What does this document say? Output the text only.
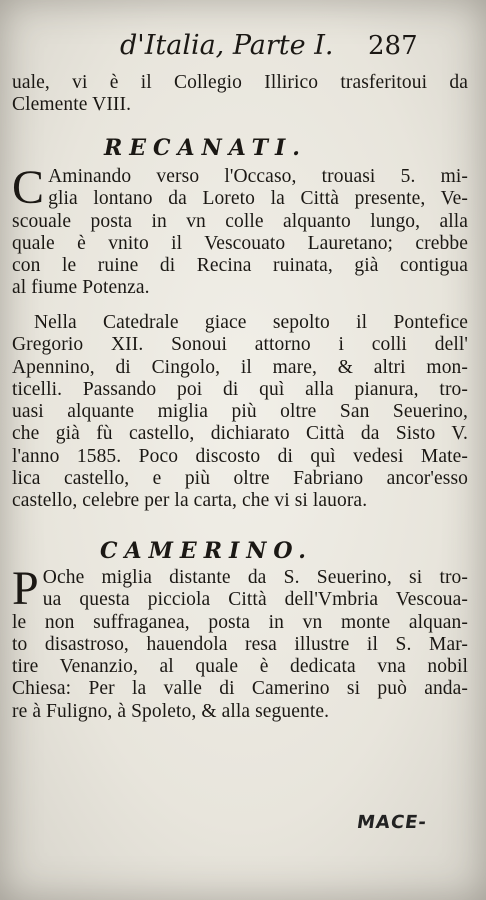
d'Italia, Parte I. 287
uale, vi è il Collegio Illirico trasferitoui da
Clemente VIII.
RECANATI.
C Aminando verso l'Occaso, trouasi 5. mi-
glia lontano da Loreto la Città presente, Ve-
scouale posta in vn colle alquanto lungo, alla
quale è vnito il Vescouato Lauretano; crebbe
con le ruine di Recina ruinata, già contigua
al fiume Potenza.
Nella Catedrale giace sepolto il Pontefice
Gregorio XII. Sonoui attorno i colli dell'
Apennino, di Cingolo, il mare, & altri mon-
ticelli. Passando poi di quì alla pianura, tro-
uasi alquante miglia più oltre San Seuerino,
che già fù castello, dichiarato Città da Sisto V.
l'anno 1585. Poco discosto di quì vedesi Mate-
lica castello, e più oltre Fabriano ancor'esso
castello, celebre per la carta, che vi si lauora.
CAMERINO.
P Oche miglia distante da S. Seuerino, si tro-
ua questa picciola Città dell'Vmbria Vescoua-
le non suffraganea, posta in vn monte alquan-
to disastroso, hauendola resa illustre il S. Mar-
tire Venanzio, al quale è dedicata vna nobil
Chiesa: Per la valle di Camerino si può anda-
re à Fuligno, à Spoleto, & alla seguente.
MACE-
